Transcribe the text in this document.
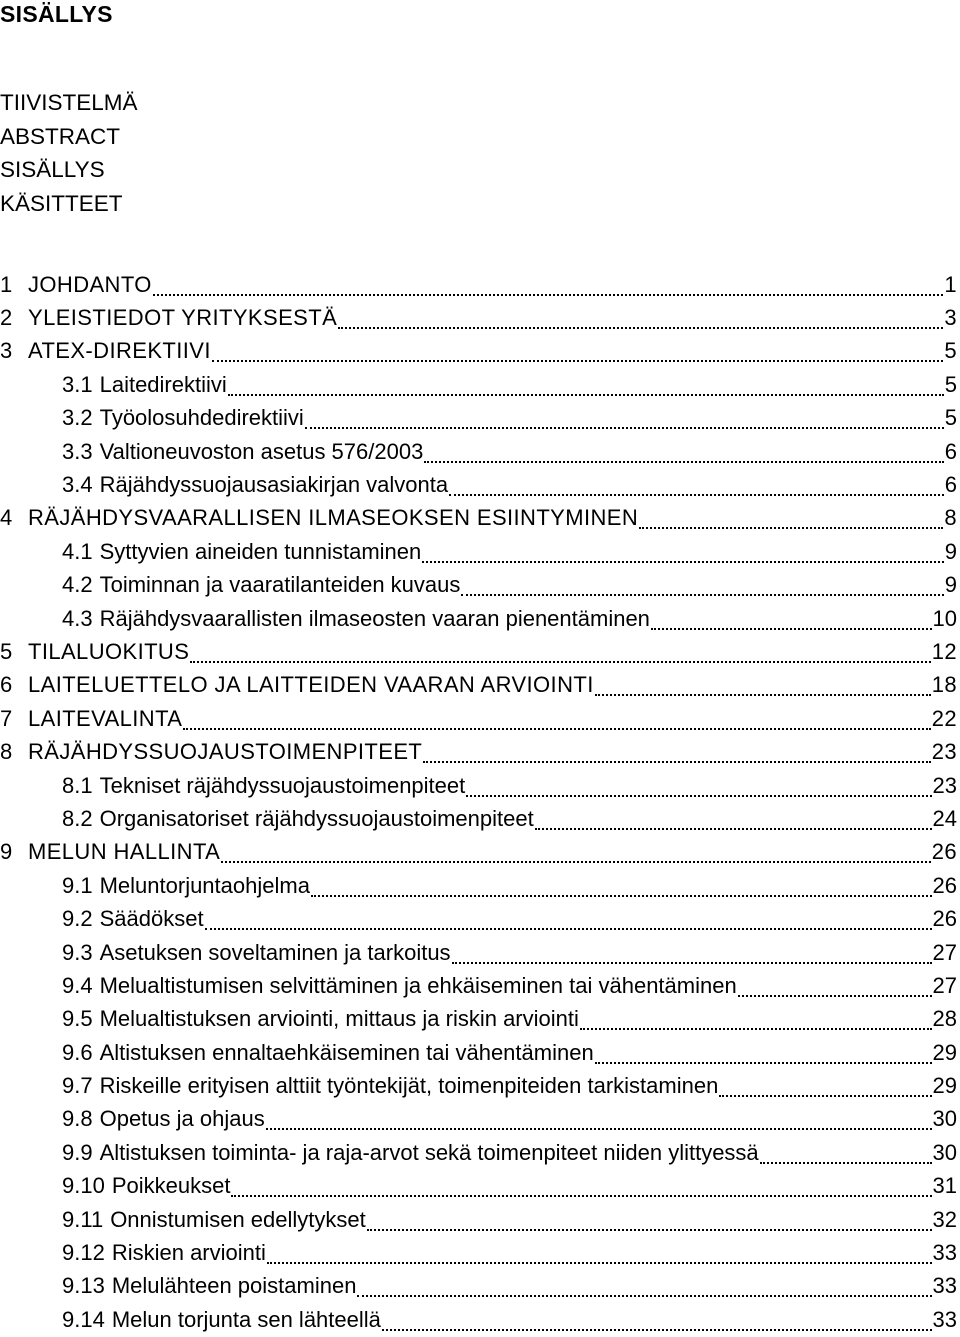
SISÄLLYS
TIIVISTELMÄ
ABSTRACT
SISÄLLYS
KÄSITTEET
1 JOHDANTO	1
2 YLEISTIEDOT YRITYKSESTÄ	3
3 ATEX-DIREKTIIVI	5
3.1 Laitedirektiivi	5
3.2 Työolosuhdedirektiivi	5
3.3 Valtioneuvoston asetus 576/2003	6
3.4 Räjähdyssuojausasiakirjan valvonta	6
4 RÄJÄHDYSVAARALLISEN ILMASEOKSEN ESIINTYMINEN	8
4.1 Syttyvien aineiden tunnistaminen	9
4.2 Toiminnan ja vaaratilanteiden kuvaus	9
4.3 Räjähdysvaarallisten ilmaseosten vaaran pienentäminen	10
5 TILALUOKITUS	12
6 LAITELUETTELO JA LAITTEIDEN VAARAN ARVIOINTI	18
7 LAITEVALINTA	22
8 RÄJÄHDYSSUOJAUSTOIMENPITEET	23
8.1 Tekniset räjähdyssuojaustoimenpiteet	23
8.2 Organisatoriset räjähdyssuojaustoimenpiteet	24
9 MELUN HALLINTA	26
9.1 Meluntorjuntaohjelma	26
9.2 Säädökset	26
9.3 Asetuksen soveltaminen ja tarkoitus	27
9.4 Melualtistumisen selvittäminen ja ehkäiseminen tai vähentäminen	27
9.5 Melualtistuksen arviointi, mittaus ja riskin arviointi	28
9.6 Altistuksen ennaltaehkäiseminen tai vähentäminen	29
9.7 Riskeille erityisen alttiit työntekijät, toimenpiteiden tarkistaminen	29
9.8 Opetus ja ohjaus	30
9.9 Altistuksen toiminta- ja raja-arvot sekä toimenpiteet niiden ylittyessä	30
9.10 Poikkeukset	31
9.11 Onnistumisen edellytykset	32
9.12 Riskien arviointi	33
9.13 Melulähteen poistaminen	33
9.14 Melun torjunta sen lähteellä	33
